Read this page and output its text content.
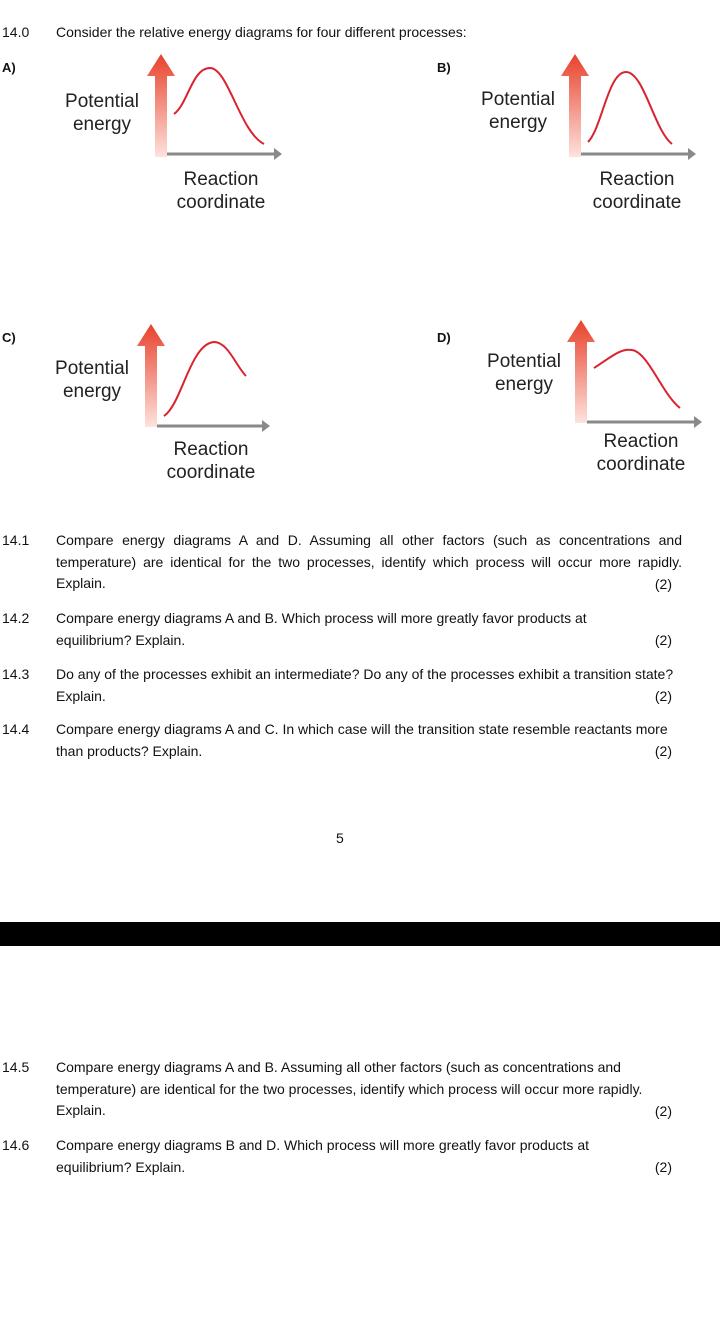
14.0 Consider the relative energy diagrams for four different processes:
A)
Potential
energy
Reaction
coordinate
B)
Potential
energy
Reaction
coordinate
C)
Potential
energy
Reaction
coordinate
D)
Potential
energy
Reaction
coordinate
14.1 Compare energy diagrams A and D. Assuming all other factors (such as concentrations and temperature) are identical for the two processes, identify which process will occur more rapidly. Explain.	(2)
14.2 Compare energy diagrams A and B. Which process will more greatly favor products at equilibrium? Explain.	(2)
14.3 Do any of the processes exhibit an intermediate? Do any of the processes exhibit a transition state? Explain.	(2)
14.4 Compare energy diagrams A and C. In which case will the transition state resemble reactants more than products? Explain.	(2)
5
14.5 Compare energy diagrams A and B. Assuming all other factors (such as concentrations and temperature) are identical for the two processes, identify which process will occur more rapidly. Explain.	(2)
14.6 Compare energy diagrams B and D. Which process will more greatly favor products at equilibrium? Explain.	(2)
